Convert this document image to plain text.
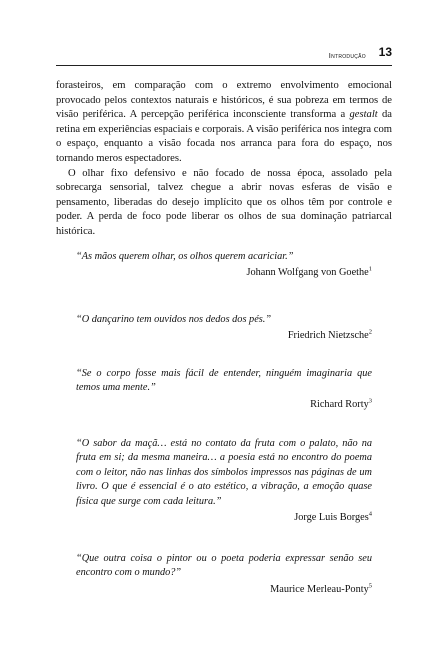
Introdução 13

forasteiros, em comparação com o extremo envolvimento emocional provocado pelos contextos naturais e históricos, é sua pobreza em termos de visão periférica. A percepção periférica inconsciente transforma a gestalt da retina em experiências espaciais e corporais. A visão periférica nos integra com o espaço, enquanto a visão focada nos arranca para fora do espaço, nos tornando meros espectadores.

O olhar fixo defensivo e não focado de nossa época, assolado pela sobrecarga sensorial, talvez chegue a abrir novas esferas de visão e pensamento, liberadas do desejo implícito que os olhos têm por controle e poder. A perda de foco pode liberar os olhos de sua dominação patriarcal histórica.

“As mãos querem olhar, os olhos querem acariciar.”

Johann Wolfgang von Goethe$^1$

“O dançarino tem ouvidos nos dedos dos pés.”

Friedrich Nietzsche$^2$

“Se o corpo fosse mais fácil de entender, ninguém imaginaria que temos uma mente.”

Richard Rorty$^3$

“O sabor da maçã… está no contato da fruta com o palato, não na fruta em si; da mesma maneira… a poesia está no encontro do poema com o leitor, não nas linhas dos símbolos impressos nas páginas de um livro. O que é essencial é o ato estético, a vibração, a emoção quase física que surge com cada leitura.”

Jorge Luis Borges$^4$

“Que outra coisa o pintor ou o poeta poderia expressar senão seu encontro com o mundo?”

Maurice Merleau-Ponty$^5$
